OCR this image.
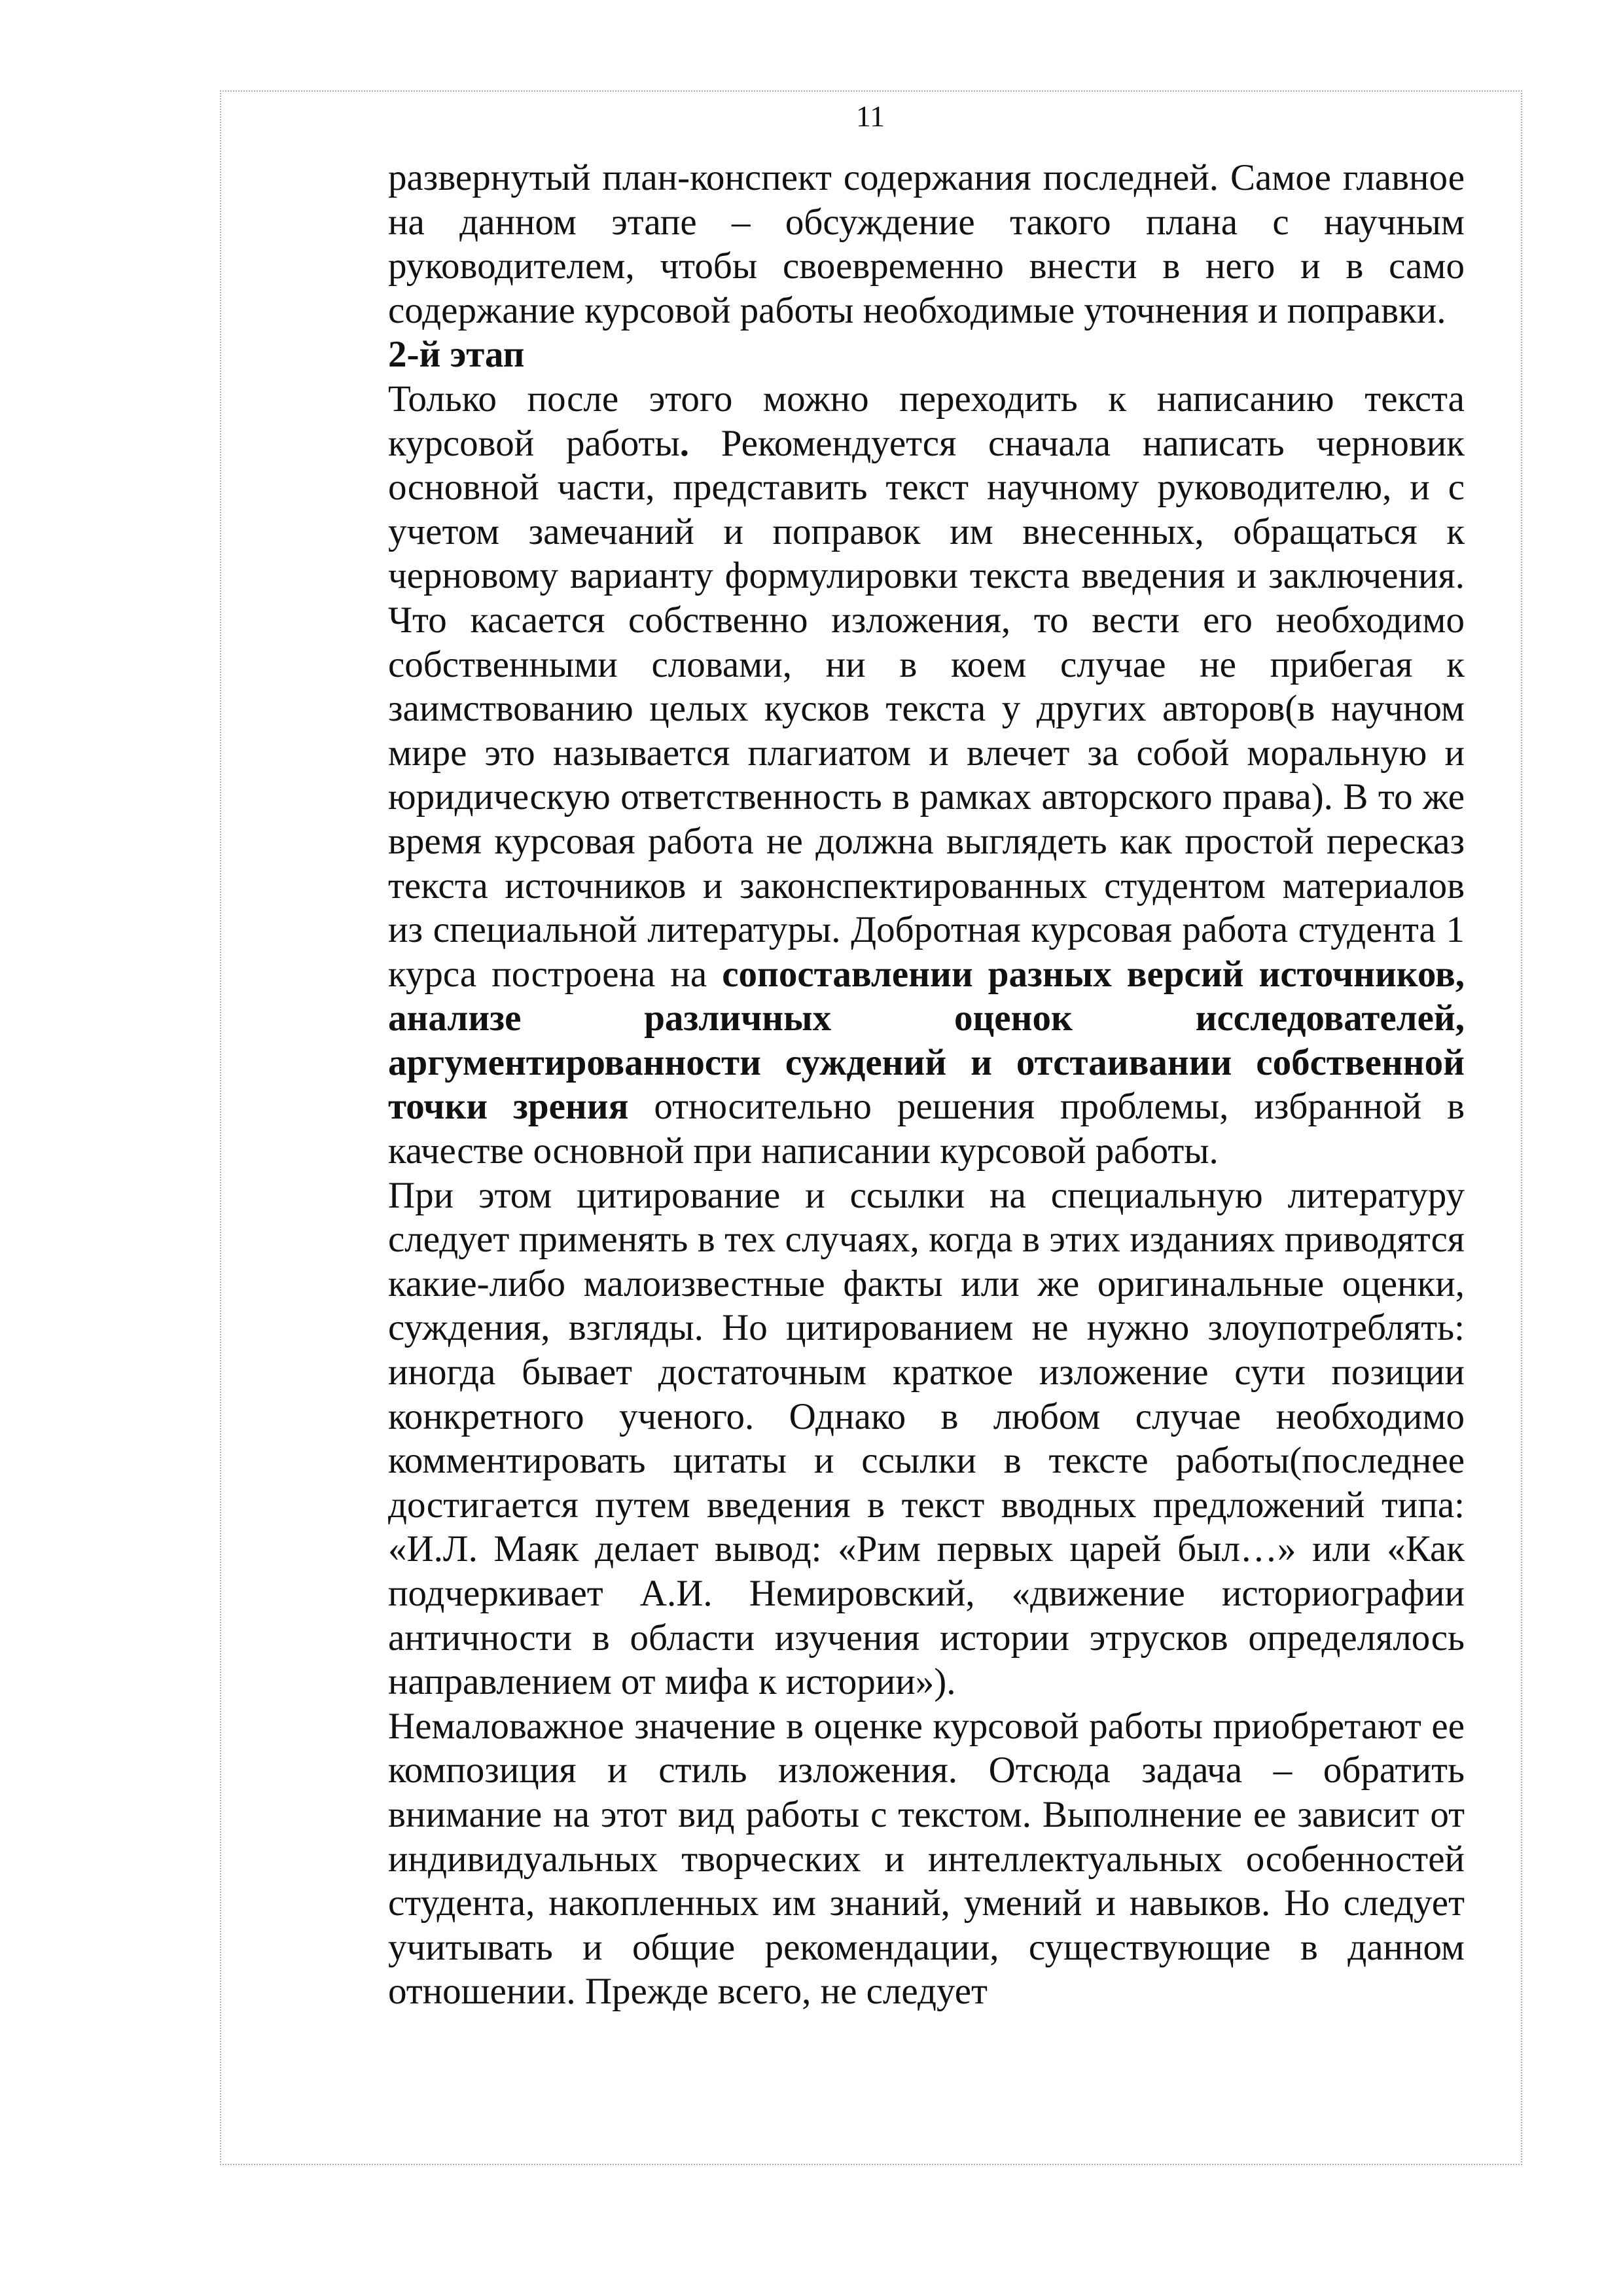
11

развернутый план-конспект содержания последней. Самое главное на данном этапе – обсуждение такого плана с научным руководителем, чтобы своевременно внести в него и в само содержание курсовой работы необходимые уточнения и поправки.

2-й этап

Только после этого можно переходить к написанию текста курсовой работы. Рекомендуется сначала написать черновик основной части, представить текст научному руководителю, и с учетом замечаний и поправок им внесенных, обращаться к черновому варианту формулировки текста введения и заключения. Что касается собственно изложения, то вести его необходимо собственными словами, ни в коем случае не прибегая к заимствованию целых кусков текста у других авторов(в научном мире это называется плагиатом и влечет за собой моральную и юридическую ответственность в рамках авторского права). В то же время курсовая работа не должна выглядеть как простой пересказ текста источников и законспектированных студентом материалов из специальной литературы. Добротная курсовая работа студента 1 курса построена на сопоставлении разных версий источников, анализе различных оценок исследователей, аргументированности суждений и отстаивании собственной точки зрения относительно решения проблемы, избранной в качестве основной при написании курсовой работы.

При этом цитирование и ссылки на специальную литературу следует применять в тех случаях, когда в этих изданиях приводятся какие-либо малоизвестные факты или же оригинальные оценки, суждения, взгляды. Но цитированием не нужно злоупотреблять: иногда бывает достаточным краткое изложение сути позиции конкретного ученого. Однако в любом случае необходимо комментировать цитаты и ссылки в тексте работы(последнее достигается путем введения в текст вводных предложений типа: «И.Л. Маяк делает вывод: «Рим первых царей был…» или «Как подчеркивает А.И. Немировский, «движение историографии античности в области изучения истории этрусков определялось направлением от мифа к истории»).

Немаловажное значение в оценке курсовой работы приобретают ее композиция и стиль изложения. Отсюда задача – обратить внимание на этот вид работы с текстом. Выполнение ее зависит от индивидуальных творческих и интеллектуальных особенностей студента, накопленных им знаний, умений и навыков. Но следует учитывать и общие рекомендации, существующие в данном отношении. Прежде всего, не следует
